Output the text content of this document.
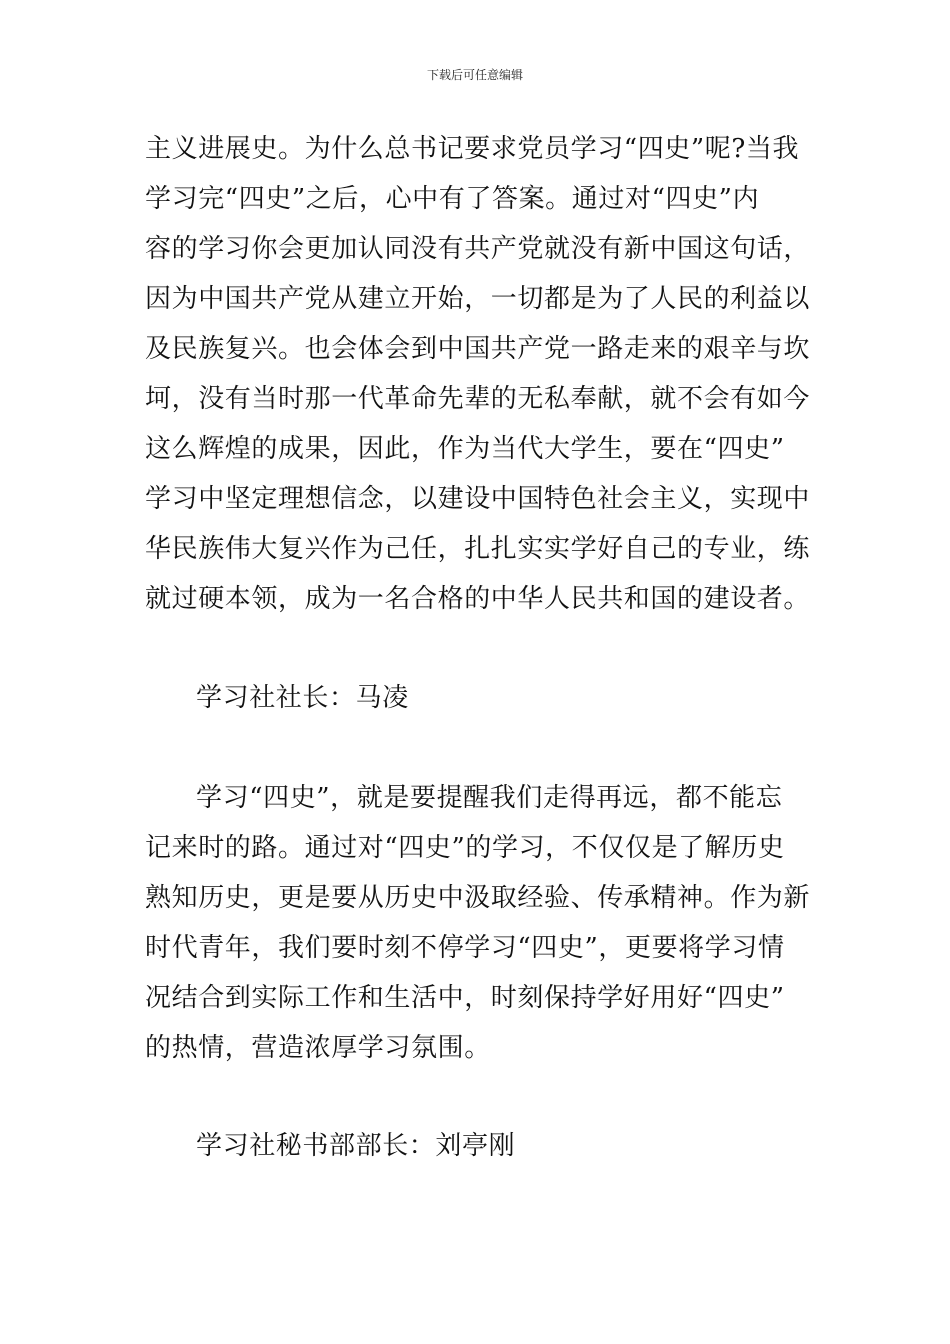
下载后可任意编辑
主义进展史。为什么总书记要求党员学习“四史”呢?当我
学习完“四史”之后，心中有了答案。通过对“四史”内
容的学习你会更加认同没有共产党就没有新中国这句话，
因为中国共产党从建立开始，一切都是为了人民的利益以
及民族复兴。也会体会到中国共产党一路走来的艰辛与坎
坷，没有当时那一代革命先辈的无私奉献，就不会有如今
这么辉煌的成果，因此，作为当代大学生，要在“四史”
学习中坚定理想信念，以建设中国特色社会主义，实现中
华民族伟大复兴作为己任，扎扎实实学好自己的专业，练
就过硬本领，成为一名合格的中华人民共和国的建设者。
学习社社长：马凌
学习“四史”，就是要提醒我们走得再远，都不能忘
记来时的路。通过对“四史”的学习，不仅仅是了解历史
熟知历史，更是要从历史中汲取经验、传承精神。作为新
时代青年，我们要时刻不停学习“四史”，更要将学习情
况结合到实际工作和生活中，时刻保持学好用好“四史”
的热情，营造浓厚学习氛围。
学习社秘书部部长：刘亭刚
